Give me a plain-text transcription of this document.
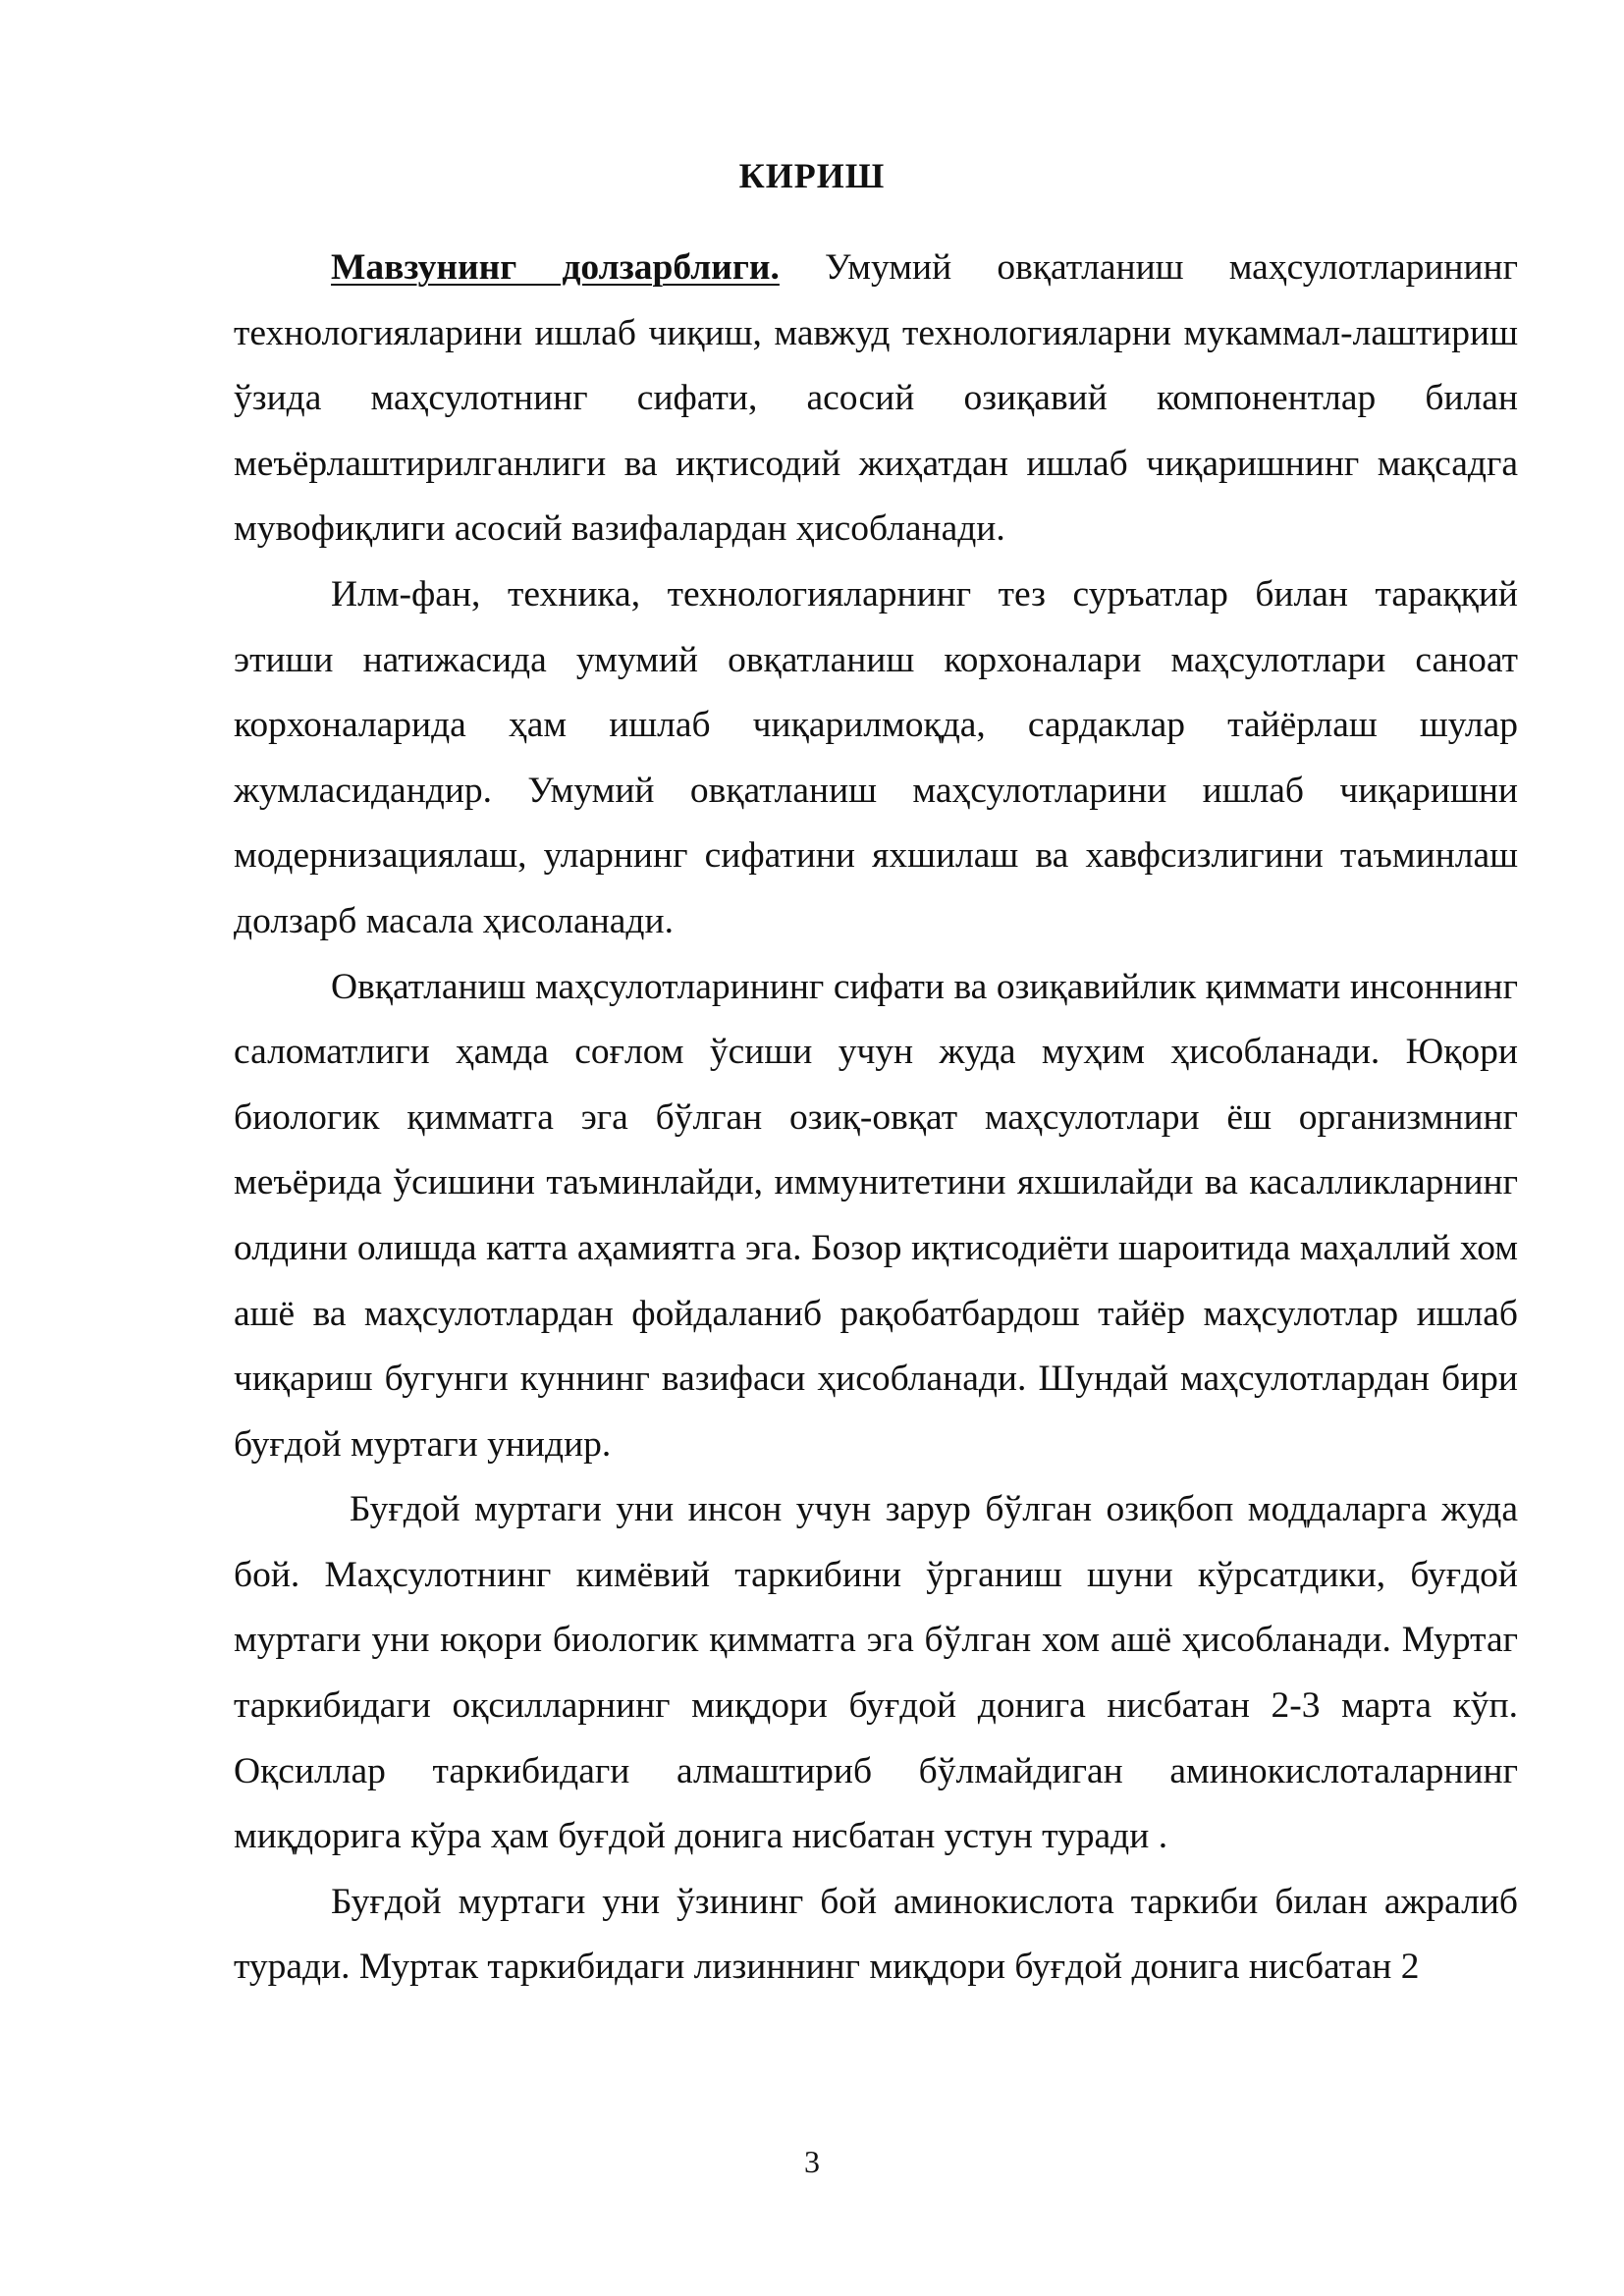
КИРИШ

Мавзунинг долзарблиги. Умумий овқатланиш маҳсулотларининг технологияларини ишлаб чиқиш, мавжуд технологияларни мукаммал-лаштириш ўзида маҳсулотнинг сифати, асосий озиқавий компонентлар билан меъёрлаштирилганлиги ва иқтисодий жиҳатдан ишлаб чиқаришнинг мақсадга мувофиқлиги асосий вазифалардан ҳисобланади.

Илм-фан, техника, технологияларнинг тез суръатлар билан тараққий этиши натижасида умумий овқатланиш корхоналари маҳсулотлари саноат корхоналарида ҳам ишлаб чиқарилмоқда, сардаклар тайёрлаш шулар жумласидандир. Умумий овқатланиш маҳсулотларини ишлаб чиқаришни модернизациялаш, уларнинг сифатини яхшилаш ва хавфсизлигини таъминлаш долзарб масала ҳисоланади.

Овқатланиш маҳсулотларининг сифати ва озиқавийлик қиммати инсоннинг саломатлиги ҳамда соғлом ўсиши учун жуда муҳим ҳисобланади. Юқори биологик қимматга эга бўлган озиқ-овқат маҳсулотлари ёш организмнинг меъёрида ўсишини таъминлайди, иммунитетини яхшилайди ва касалликларнинг олдини олишда катта аҳамиятга эга. Бозор иқтисодиёти шароитида маҳаллий хом ашё ва маҳсулотлардан фойдаланиб рақобатбардош тайёр маҳсулотлар ишлаб чиқариш бугунги куннинг вазифаси ҳисобланади. Шундай маҳсулотлардан бири буғдой муртаги унидир.

Буғдой муртаги уни инсон учун зарур бўлган озиқбоп моддаларга жуда бой. Маҳсулотнинг кимёвий таркибини ўрганиш шуни кўрсатдики, буғдой муртаги уни юқори биологик қимматга эга бўлган хом ашё ҳисобланади. Муртаг таркибидаги оқсилларнинг миқдори буғдой донига нисбатан 2-3 марта кўп. Оқсиллар таркибидаги алмаштириб бўлмайдиган аминокислоталарнинг миқдорига кўра ҳам буғдой донига нисбатан устун туради .

Буғдой муртаги уни ўзининг бой аминокислота таркиби билан ажралиб туради. Муртак таркибидаги лизиннинг миқдори буғдой донига нисбатан 2

3
